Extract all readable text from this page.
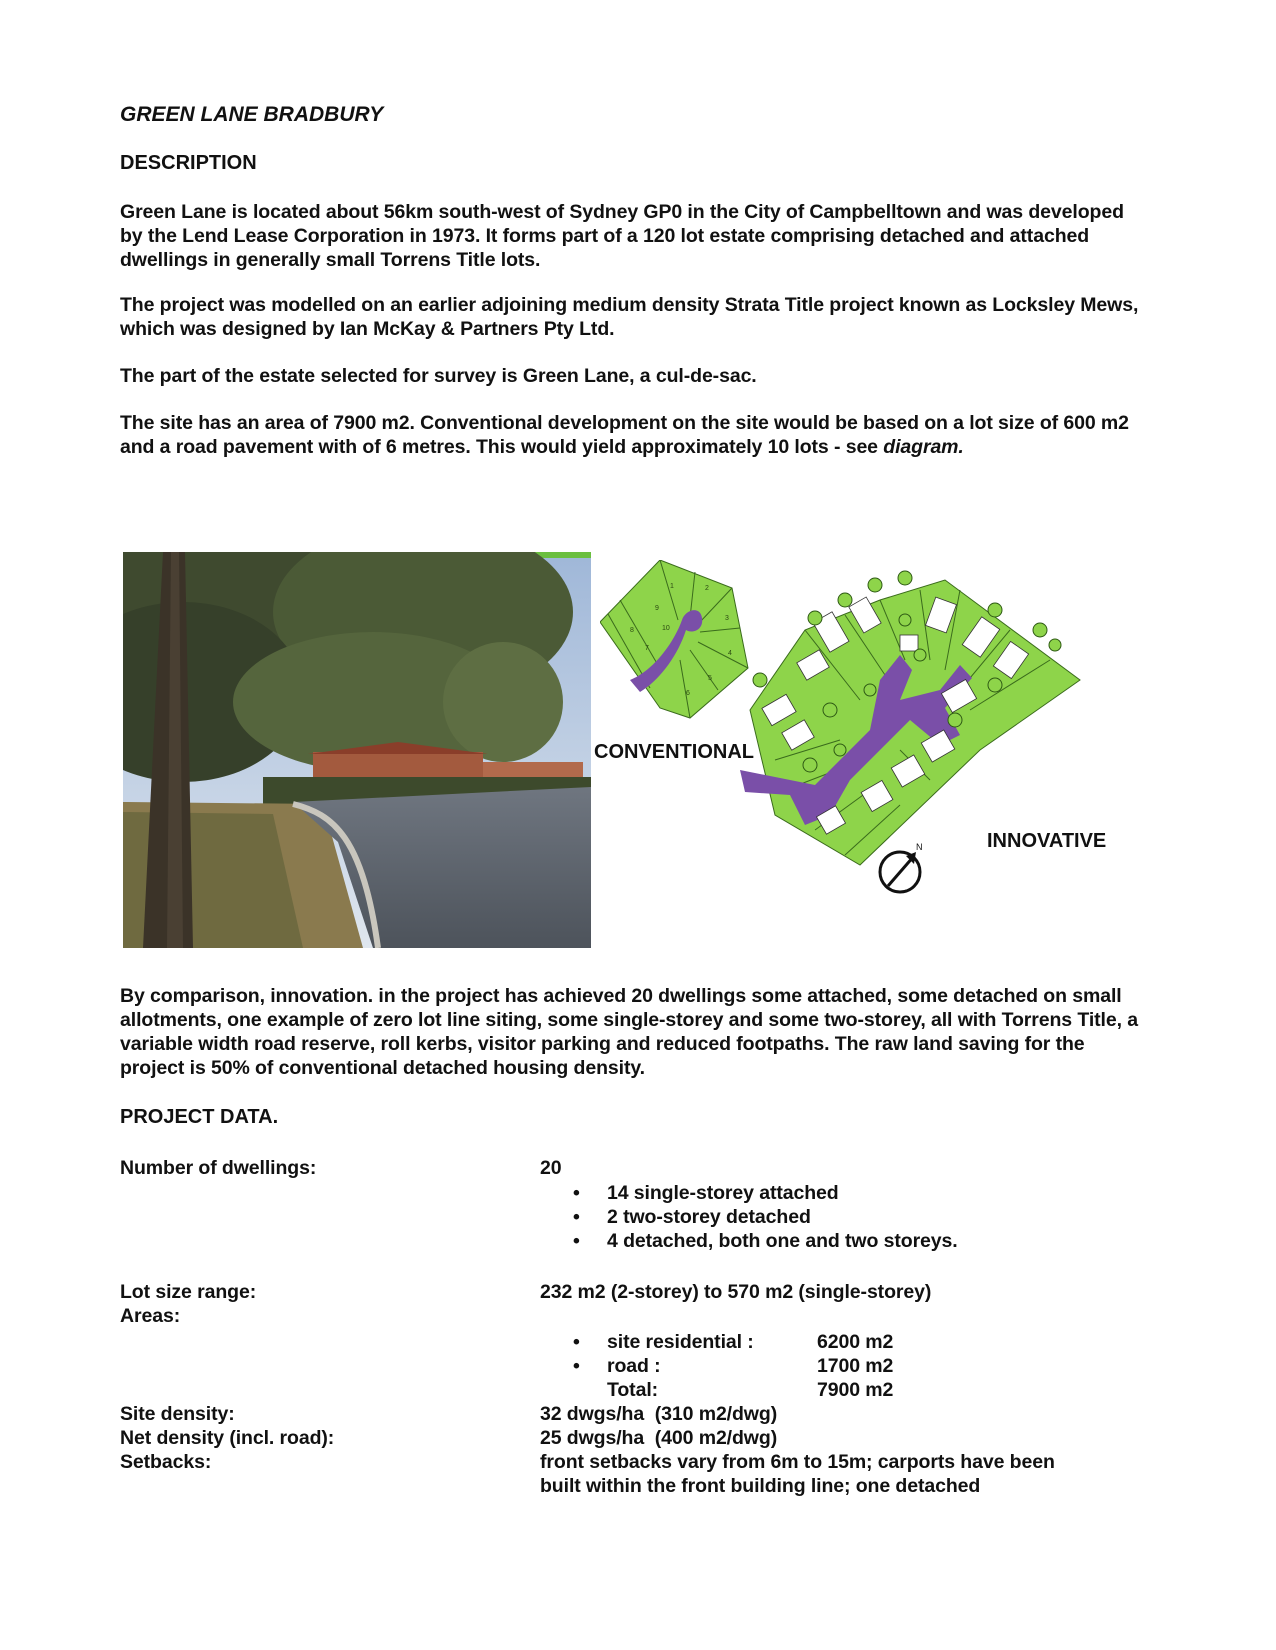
GREEN LANE BRADBURY
DESCRIPTION
Green Lane is located about 56km south-west of Sydney GP0 in the City of Campbelltown and was developed by the Lend Lease Corporation in 1973. It forms part of a 120 lot estate comprising detached and attached dwellings in generally small Torrens Title lots.
The project was modelled on an earlier adjoining medium density Strata Title project known as Locksley Mews, which was designed by Ian McKay & Partners Pty Ltd.
The part of the estate selected for survey is Green Lane, a cul-de-sac.
The site has an area of 7900 m2. Conventional development on the site would be based on a lot size of 600 m2 and a road pavement with of 6 metres. This would yield approximately 10 lots - see diagram.
1	2
3
4
5
6
7
8
9
10
N
CONVENTIONAL
INNOVATIVE
By comparison, innovation. in the project has achieved 20 dwellings some attached, some detached on small allotments, one example of zero lot line siting, some single-storey and some two-storey, all with Torrens Title, a variable width road reserve, roll kerbs, visitor parking and reduced footpaths. The raw land saving for the project is 50% of conventional detached housing density.
PROJECT DATA.
Number of dwellings:	20
• 14 single-storey attached
• 2 two-storey detached
• 4 detached, both one and two storeys.
Lot size range:	232 m2 (2-storey) to 570 m2 (single-storey)
Areas:
• site residential :	6200 m2
• road :	1700 m2
Total:	7900 m2
Site density:	32 dwgs/ha  (310 m2/dwg)
Net density (incl. road):	25 dwgs/ha  (400 m2/dwg)
Setbacks:	front setbacks vary from 6m to 15m; carports have been built within the front building line; one detached
